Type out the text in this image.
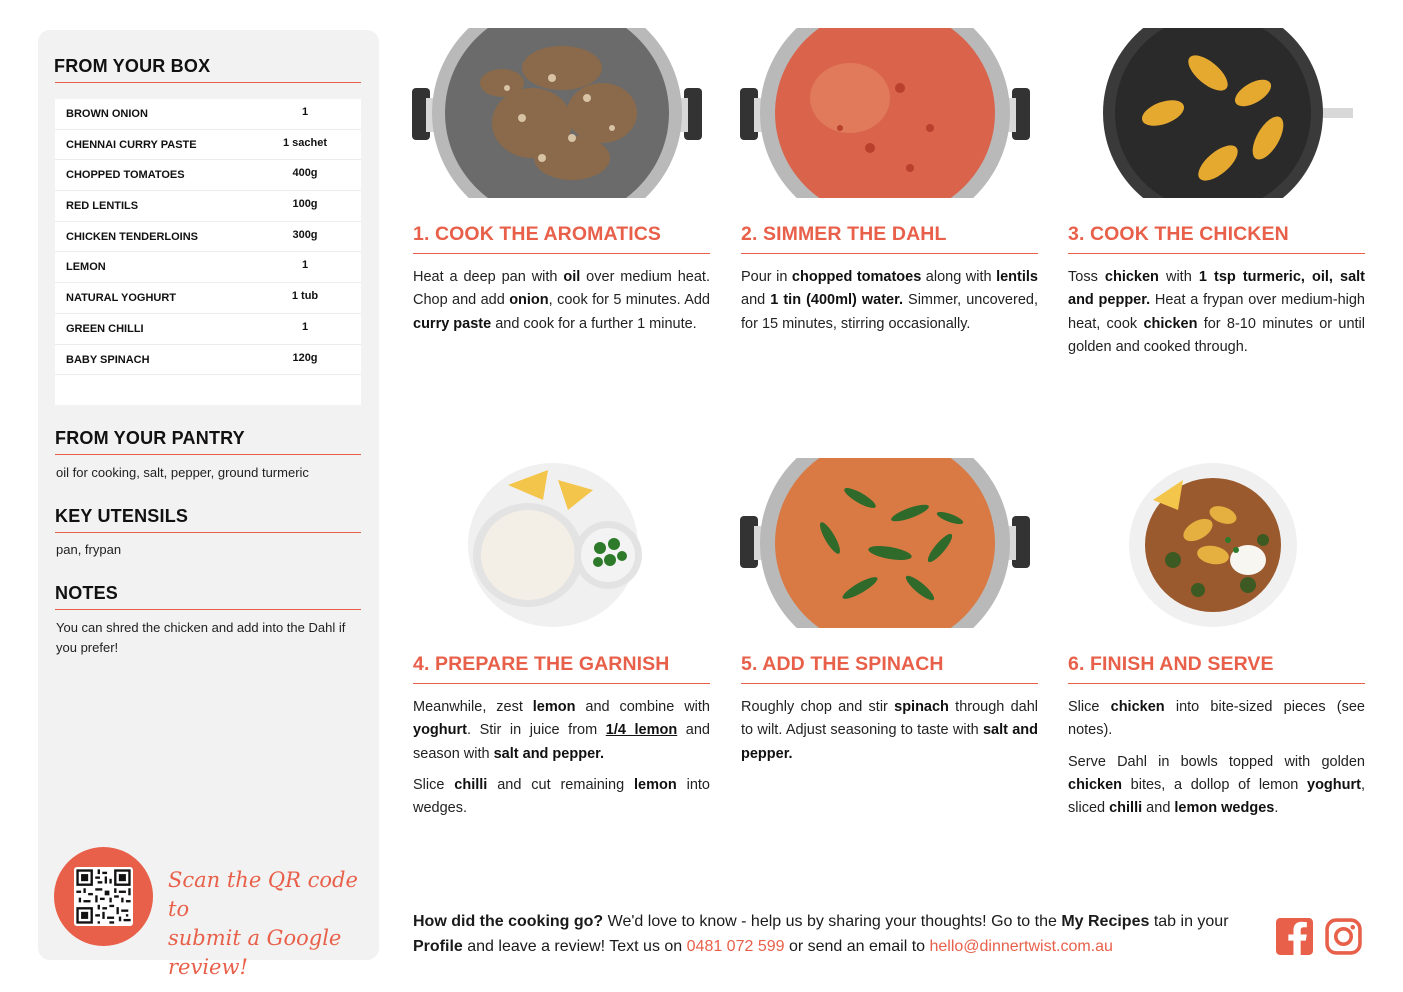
FROM YOUR BOX
BROWN ONION	1
CHENNAI CURRY PASTE	1 sachet
CHOPPED TOMATOES	400g
RED LENTILS	100g
CHICKEN TENDERLOINS	300g
LEMON	1
NATURAL YOGHURT	1 tub
GREEN CHILLI	1
BABY SPINACH	120g
FROM YOUR PANTRY
oil for cooking, salt, pepper, ground turmeric
KEY UTENSILS
pan, frypan
NOTES
You can shred the chicken and add into the Dahl if you prefer!
Scan the QR code to
submit a Google review!
1. COOK THE AROMATICS

Heat a deep pan with oil over medium heat. Chop and add onion, cook for 5 minutes. Add curry paste and cook for a further 1 minute.

2. SIMMER THE DAHL

Pour in chopped tomatoes along with lentils and 1 tin (400ml) water. Simmer, uncovered, for 15 minutes, stirring occasionally.

3. COOK THE CHICKEN

Toss chicken with 1 tsp turmeric, oil, salt and pepper. Heat a frypan over medium-high heat, cook chicken for 8-10 minutes or until golden and cooked through.

4. PREPARE THE GARNISH

Meanwhile, zest lemon and combine with yoghurt. Stir in juice from 1/4 lemon and season with salt and pepper.

Slice chilli and cut remaining lemon into wedges.

5. ADD THE SPINACH

Roughly chop and stir spinach through dahl to wilt. Adjust seasoning to taste with salt and pepper.

6. FINISH AND SERVE

Slice chicken into bite-sized pieces (see notes).

Serve Dahl in bowls topped with golden chicken bites, a dollop of lemon yoghurt, sliced chilli and lemon wedges.

How did the cooking go? We'd love to know - help us by sharing your thoughts! Go to the My Recipes tab in your Profile and leave a review! Text us on 0481 072 599 or send an email to hello@dinnertwist.com.au
